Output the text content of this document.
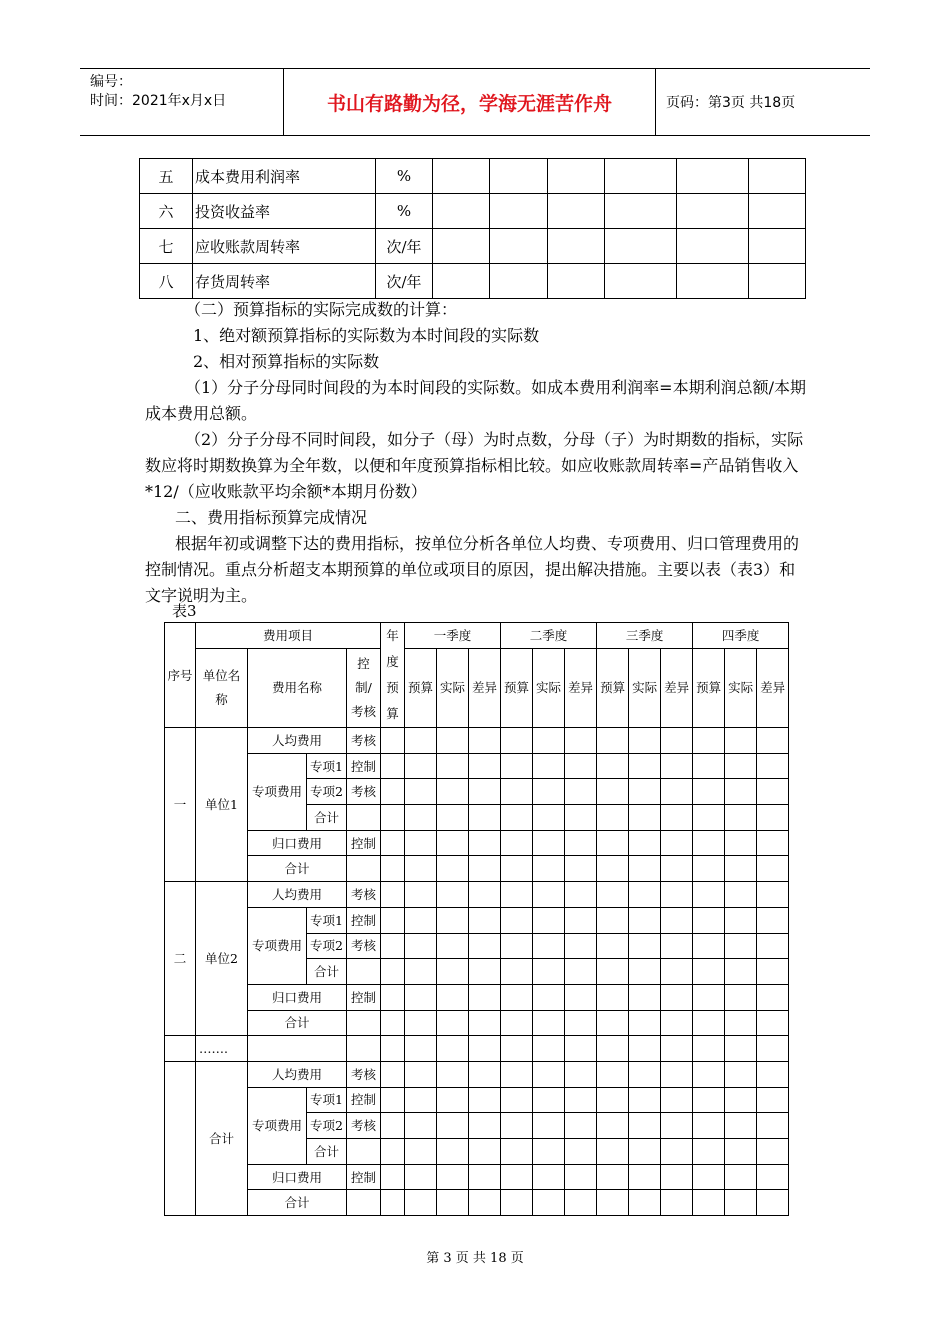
编号：
时间：2021年x月x日	书山有路勤为径，学海无涯苦作舟	页码：第3页 共18页
五	成本费用利润率	%						
六	投资收益率	%						
七	应收账款周转率	次/年						
八	存货周转率	次/年						

（二）预算指标的实际完成数的计算：

1、绝对额预算指标的实际数为本时间段的实际数

2、相对预算指标的实际数

（1）分子分母同时间段的为本时间段的实际数。如成本费用利润率=本期利润总额/本期成本费用总额。

（2）分子分母不同时间段，如分子（母）为时点数，分母（子）为时期数的指标，实际数应将时期数换算为全年数，以便和年度预算指标相比较。如应收账款周转率=产品销售收入*12/（应收账款平均余额*本期月份数）

二、费用指标预算完成情况

根据年初或调整下达的费用指标，按单位分析各单位人均费、专项费用、归口管理费用的控制情况。重点分析超支本期预算的单位或项目的原因，提出解决措施。主要以表（表3）和文字说明为主。

表3
序号	费用项目				年度预算	一季度			二季度			三季度			四季度		
	单位名称	费用名称		控制/考核		预算	实际	差异	预算	实际	差异	预算	实际	差异	预算	实际	差异

一	单位1	人均费用		考核													
		专项费用	专项1	控制													
			专项2	考核													
			合计														
		归口费用		控制													
		合计															
二	单位2	人均费用		考核													
		专项费用	专项1	控制													
			专项2	考核													
			合计														
		归口费用		控制													
		合计															
	…….																
	合计	人均费用		考核													
		专项费用	专项1	控制													
			专项2	考核													
			合计														
		归口费用		控制													
		合计															
第 3 页 共 18 页
